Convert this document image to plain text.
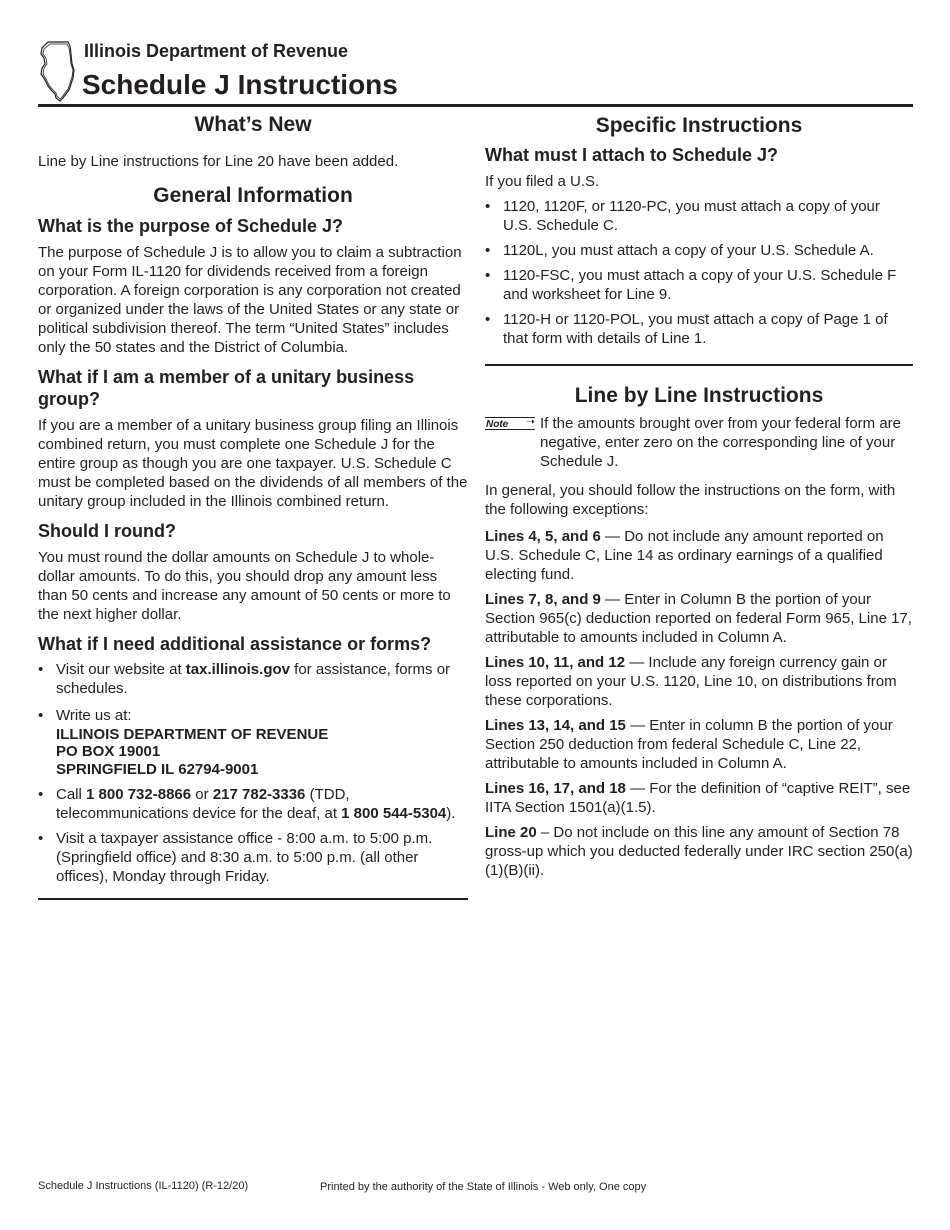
Illinois Department of Revenue

Schedule J Instructions
What’s New

Line by Line instructions for Line 20 have been added.

General Information
What is the purpose of Schedule J?

The purpose of Schedule J is to allow you to claim a subtraction on your Form IL-1120 for dividends received from a foreign corporation. A foreign corporation is any corporation not created or organized under the laws of the United States or any state or political subdivision thereof. The term “United States” includes only the 50 states and the District of Columbia.

What if I am a member of a unitary business group?

If you are a member of a unitary business group filing an Illinois combined return, you must complete one Schedule J for the entire group as though you are one taxpayer. U.S. Schedule C must be completed based on the dividends of all members of the unitary group included in the Illinois combined return.

Should I round?

You must round the dollar amounts on Schedule J to whole-dollar amounts. To do this, you should drop any amount less than 50 cents and increase any amount of 50 cents or more to the next higher dollar.

What if I need additional assistance or forms?
• Visit our website at tax.illinois.gov for assistance, forms or schedules.
• Write us at:
ILLINOIS DEPARTMENT OF REVENUE
PO BOX 19001
SPRINGFIELD IL 62794-9001
• Call 1 800 732-8866 or 217 782-3336 (TDD, telecommunications device for the deaf, at 1 800 544-5304).
• Visit a taxpayer assistance office - 8:00 a.m. to 5:00 p.m. (Springfield office) and 8:30 a.m. to 5:00 p.m. (all other offices), Monday through Friday.
Specific Instructions
What must I attach to Schedule J?

If you filed a U.S.

• 1120, 1120F, or 1120-PC, you must attach a copy of your U.S. Schedule C.
• 1120L, you must attach a copy of your U.S. Schedule A.
• 1120-FSC, you must attach a copy of your U.S. Schedule F and worksheet for Line 9.
• 1120-H or 1120-POL, you must attach a copy of Page 1 of that form with details of Line 1.
Line by Line Instructions
Note ➝ If the amounts brought over from your federal form are negative, enter zero on the corresponding line of your Schedule J.

In general, you should follow the instructions on the form, with the following exceptions:

Lines 4, 5, and 6 — Do not include any amount reported on U.S. Schedule C, Line 14 as ordinary earnings of a qualified electing fund.

Lines 7, 8, and 9 — Enter in Column B the portion of your Section 965(c) deduction reported on federal Form 965, Line 17, attributable to amounts included in Column A.

Lines 10, 11, and 12 — Include any foreign currency gain or loss reported on your U.S. 1120, Line 10, on distributions from these corporations.

Lines 13, 14, and 15 — Enter in column B the portion of your Section 250 deduction from federal Schedule C, Line 22, attributable to amounts included in Column A.

Lines 16, 17, and 18 — For the definition of “captive REIT”, see IITA Section 1501(a)(1.5).

Line 20 – Do not include on this line any amount of Section 78 gross-up which you deducted federally under IRC section 250(a)(1)(B)(ii).

Schedule J Instructions (IL-1120) (R-12/20)	Printed by the authority of the State of Illinois - Web only, One copy
